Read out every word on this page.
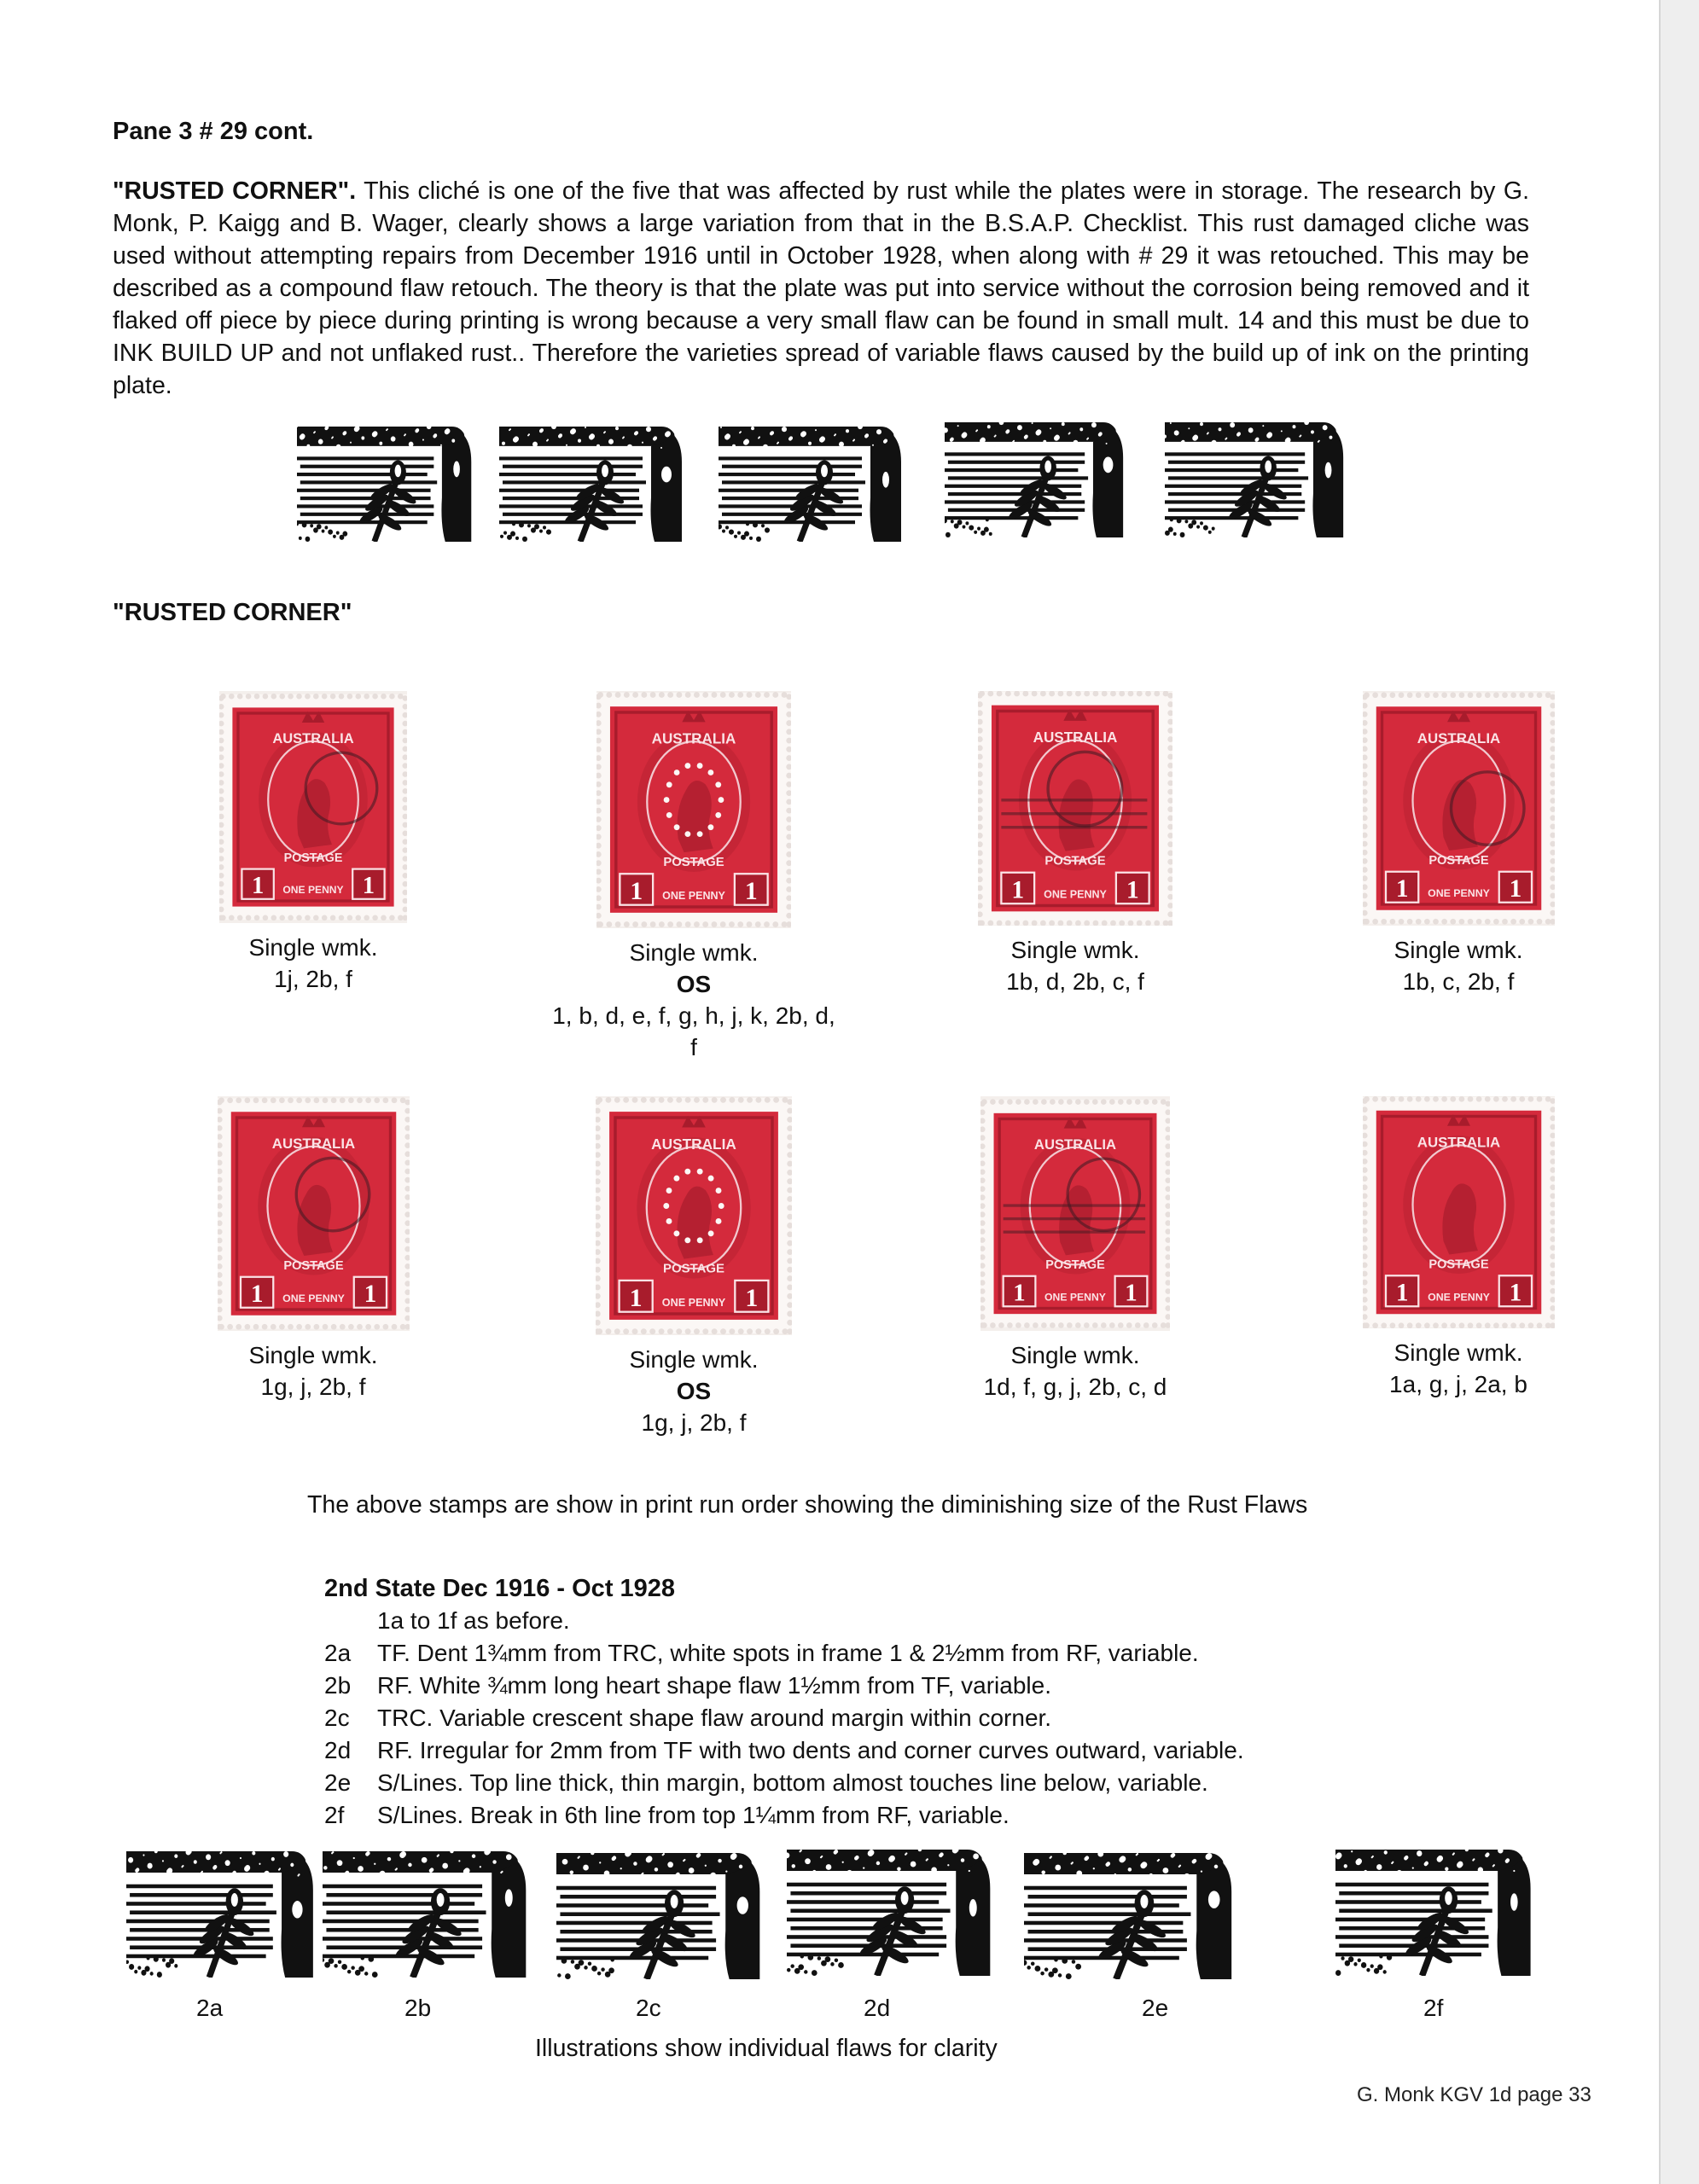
Pane 3 # 29 cont.

"RUSTED CORNER". This cliché is one of the five that was affected by rust while the plates were in storage. The research by G. Monk, P. Kaigg and B. Wager, clearly shows a large variation from that in the B.S.A.P. Checklist. This rust damaged cliche was used without attempting repairs from December 1916 until in October 1928, when along with # 29 it was retouched. This may be described as a compound flaw retouch. The theory is that the plate was put into service without the corrosion being removed and it flaked off piece by piece during printing is wrong because a very small flaw can be found in small mult. 14 and this must be due to INK BUILD UP and not unflaked rust.. Therefore the varieties spread of variable flaws caused by the build up of ink on the printing plate.

"RUSTED CORNER"
AUSTRALIA
POSTAGE
1	1
ONE PENNY
Single wmk.
1j, 2b, f
AUSTRALIA
POSTAGE
1	1
ONE PENNY
Single wmk.
OS
1, b, d, e, f, g, h, j, k, 2b, d, f
AUSTRALIA
POSTAGE
1	1
ONE PENNY
Single wmk.
1b, d, 2b, c, f
AUSTRALIA
POSTAGE
1	1
ONE PENNY
Single wmk.
1b, c, 2b, f
AUSTRALIA
POSTAGE
1	1
ONE PENNY
Single wmk.
1g, j, 2b, f
AUSTRALIA
POSTAGE
1	1
ONE PENNY
Single wmk.
OS
1g, j, 2b, f
AUSTRALIA
POSTAGE
1	1
ONE PENNY
Single wmk.
1d, f, g, j, 2b, c, d
AUSTRALIA
POSTAGE
1	1
ONE PENNY
Single wmk.
1a, g, j, 2a, b
The above stamps are show in print run order showing the diminishing size of the Rust Flaws
2nd State Dec 1916 - Oct 1928
1a to 1f as before.
2a	TF. Dent 1¾mm from TRC, white spots in frame 1 & 2½mm from RF, variable.
2b	RF. White ¾mm long heart shape flaw 1½mm from TF, variable.
2c	TRC. Variable crescent shape flaw around margin within corner.
2d	RF. Irregular for 2mm from TF with two dents and corner curves outward, variable.
2e	S/Lines. Top line thick, thin margin, bottom almost touches line below, variable.
2f	S/Lines. Break in 6th line from top 1¼mm from RF, variable.
2a	2b	2c	2d	2e	2f
Illustrations show individual flaws for clarity
G. Monk KGV 1d page 33
